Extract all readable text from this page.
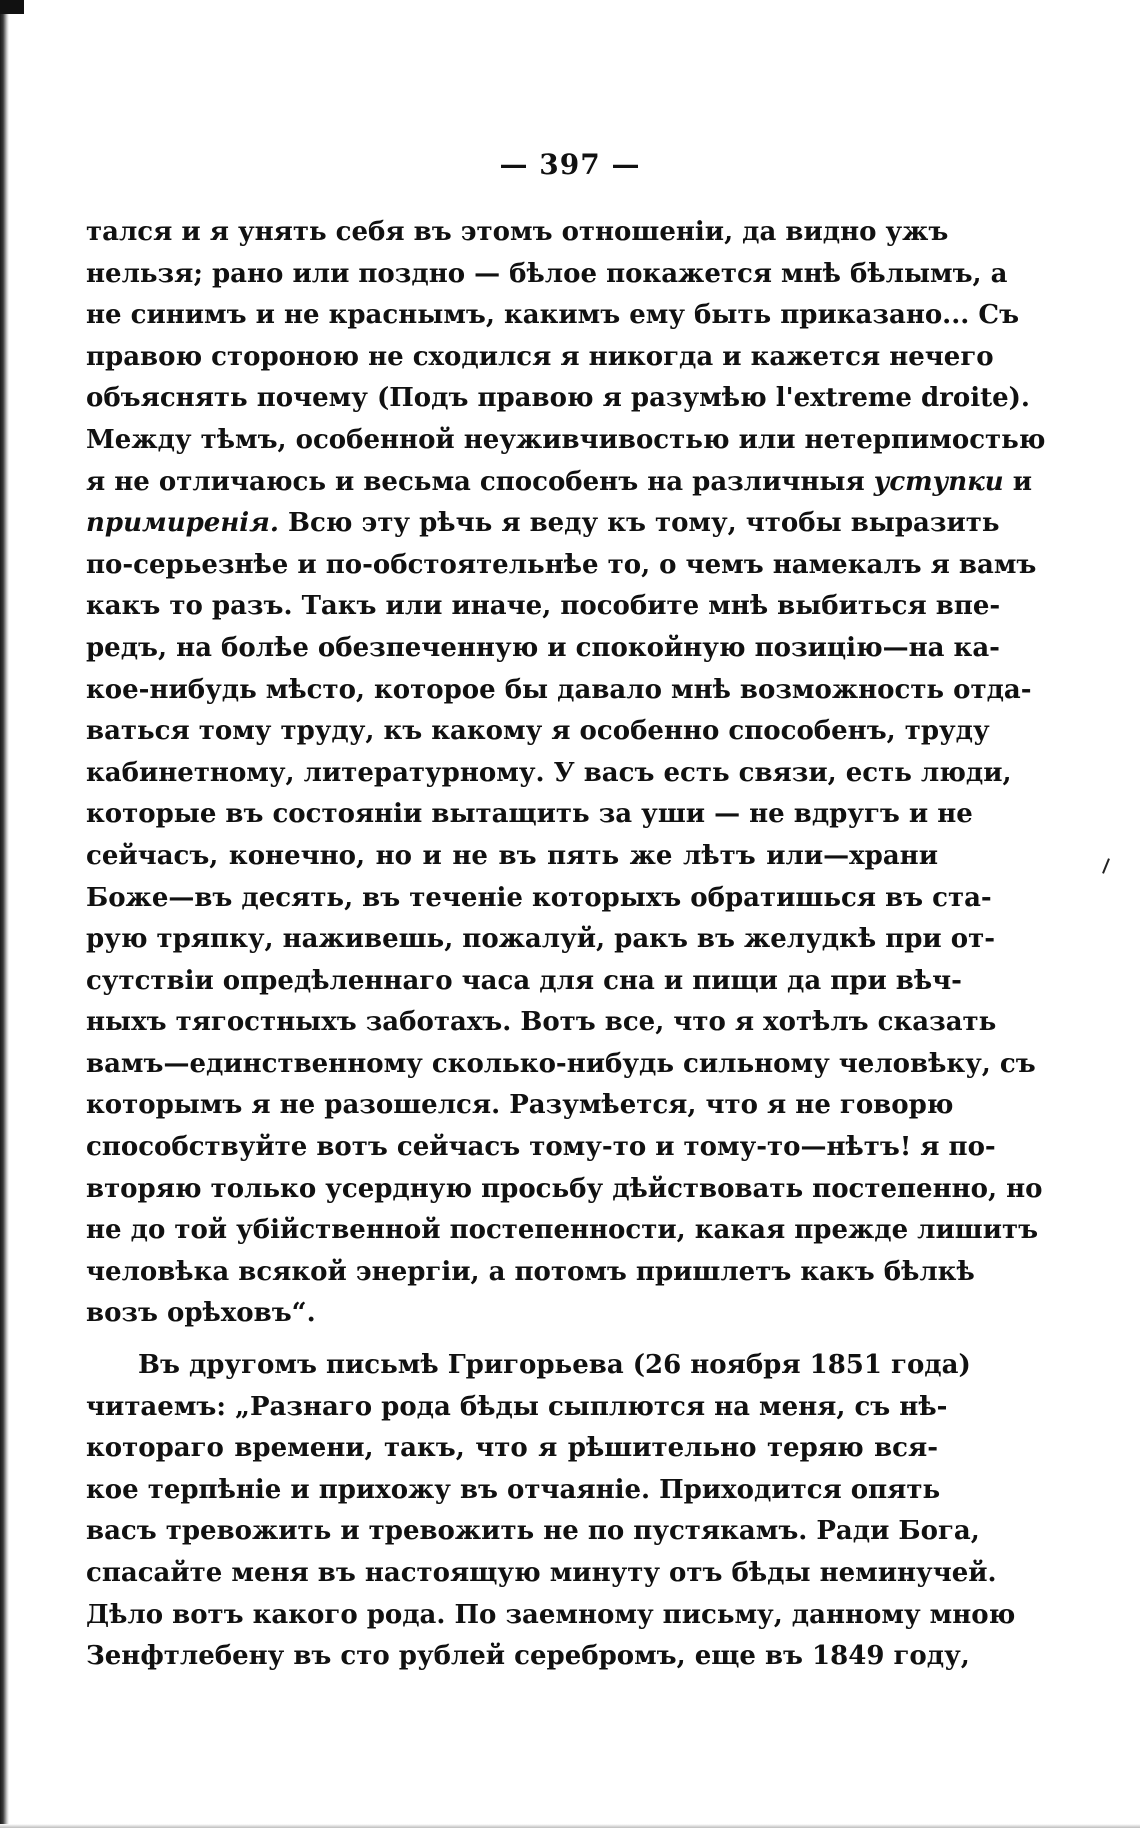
— 397 —
тался и я унять себя въ этомъ отношеніи, да видно ужъ
нельзя; рано или поздно — бѣлое покажется мнѣ бѣлымъ, а
не синимъ и не краснымъ, какимъ ему быть приказано... Съ
правою стороною не сходился я никогда и кажется нечего
объяснять почему (Подъ правою я разумѣю l'extreme droite).
Между тѣмъ, особенной неуживчивостью или нетерпимостью
я не отличаюсь и весьма способенъ на различныя уступки и
примиренія. Всю эту рѣчь я веду къ тому, чтобы выразить
по-серьезнѣе и по-обстоятельнѣе то, о чемъ намекалъ я вамъ
какъ то разъ. Такъ или иначе, пособите мнѣ выбиться впе-
редъ, на болѣе обезпеченную и спокойную позицію—на ка-
кое-нибудь мѣсто, которое бы давало мнѣ возможность отда-
ваться тому труду, къ какому я особенно способенъ, труду
кабинетному, литературному. У васъ есть связи, есть люди,
которые въ состояніи вытащить за уши — не вдругъ и не
сейчасъ, конечно, но и не въ пять же лѣтъ или—храни
Боже—въ десять, въ теченіе которыхъ обратишься въ ста-
рую тряпку, наживешь, пожалуй, ракъ въ желудкѣ при от-
сутствіи опредѣленнаго часа для сна и пищи да при вѣч-
ныхъ тягостныхъ заботахъ. Вотъ все, что я хотѣлъ сказать
вамъ—единственному сколько-нибудь сильному человѣку, съ
которымъ я не разошелся. Разумѣется, что я не говорю
способствуйте вотъ сейчасъ тому-то и тому-то—нѣтъ! я по-
вторяю только усердную просьбу дѣйствовать постепенно, но
не до той убійственной постепенности, какая прежде лишитъ
человѣка всякой энергіи, а потомъ пришлетъ какъ бѣлкѣ
возъ орѣховъ“.
Въ другомъ письмѣ Григорьева (26 ноября 1851 года)
читаемъ: „Разнаго рода бѣды сыплются на меня, съ нѣ-
котораго времени, такъ, что я рѣшительно теряю вся-
кое терпѣніе и прихожу въ отчаяніе. Приходится опять
васъ тревожить и тревожить не по пустякамъ. Ради Бога,
спасайте меня въ настоящую минуту отъ бѣды неминучей.
Дѣло вотъ какого рода. По заемному письму, данному мною
Зенфтлебену въ сто рублей серебромъ, еще въ 1849 году,
